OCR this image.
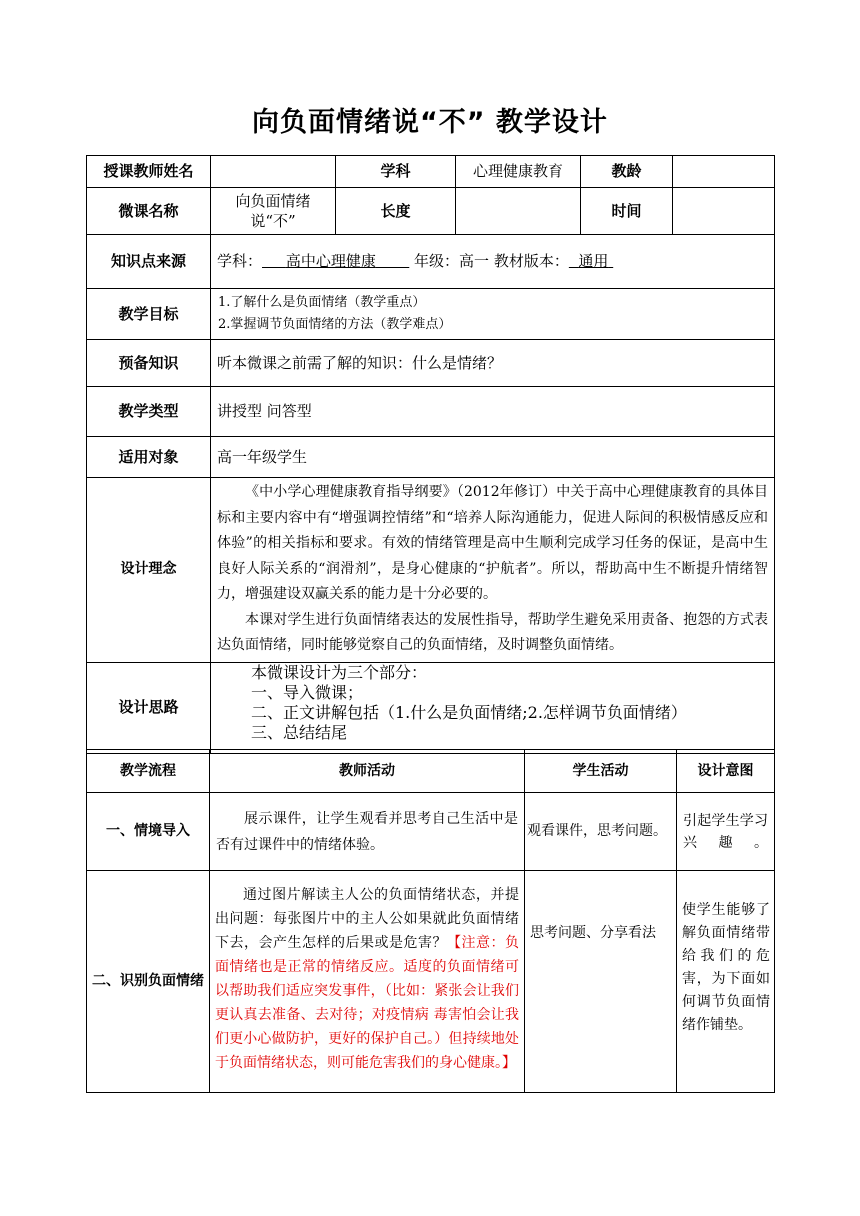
向负面情绪说“不” 教学设计
授课教师姓名		学科	心理健康教育	教龄	
微课名称	向负面情绪说“不”	长度		时间	
知识点来源	学科： 高中心理健康 年级：高一 教材版本： 通用				
教学目标	1.了解什么是负面情绪（教学重点）
2.掌握调节负面情绪的方法（教学难点）				

预备知识	听本微课之前需了解的知识：什么是情绪？				
教学类型	讲授型 问答型				
适用对象	高一年级学生				
设计理念	《中小学心理健康教育指导纲要》（2012年修订）中关于高中心理健康教育的具体目标和主要内容中有“增强调控情绪”和“培养人际沟通能力，促进人际间的积极情感反应和体验”的相关指标和要求。有效的情绪管理是高中生顺利完成学习任务的保证，是高中生良好人际关系的“润滑剂”，是身心健康的“护航者”。所以，帮助高中生不断提升情绪智力，增强建设双赢关系的能力是十分必要的。

本课对学生进行负面情绪表达的发展性指导，帮助学生避免采用责备、抱怨的方式表达负面情绪，同时能够觉察自己的负面情绪，及时调整负面情绪。				

设计思路	本微课设计为三个部分：
一、导入微课；
二、正文讲解包括（1.什么是负面情绪;2.怎样调节负面情绪）
三、总结结尾				
教学流程	教师活动	学生活动	设计意图
一、情境导入	展示课件，让学生观看并思考自己生活中是否有过课件中的情绪体验。	观看课件，思考问题。	引起学生学习兴趣。
二、识别负面情绪	通过图片解读主人公的负面情绪状态，并提出问题：每张图片中的主人公如果就此负面情绪下去，会产生怎样的后果或是危害？【注意：负面情绪也是正常的情绪反应。适度的负面情绪可以帮助我们适应突发事件，（比如：紧张会让我们更认真去准备、去对待；对疫情病 毒害怕会让我们更小心做防护，更好的保护自己。）但持续地处于负面情绪状态，则可能危害我们的身心健康。】	思考问题、分享看法	使学生能够了解负面情绪带给我们的危害，为下面如何调节负面情绪作铺垫。
